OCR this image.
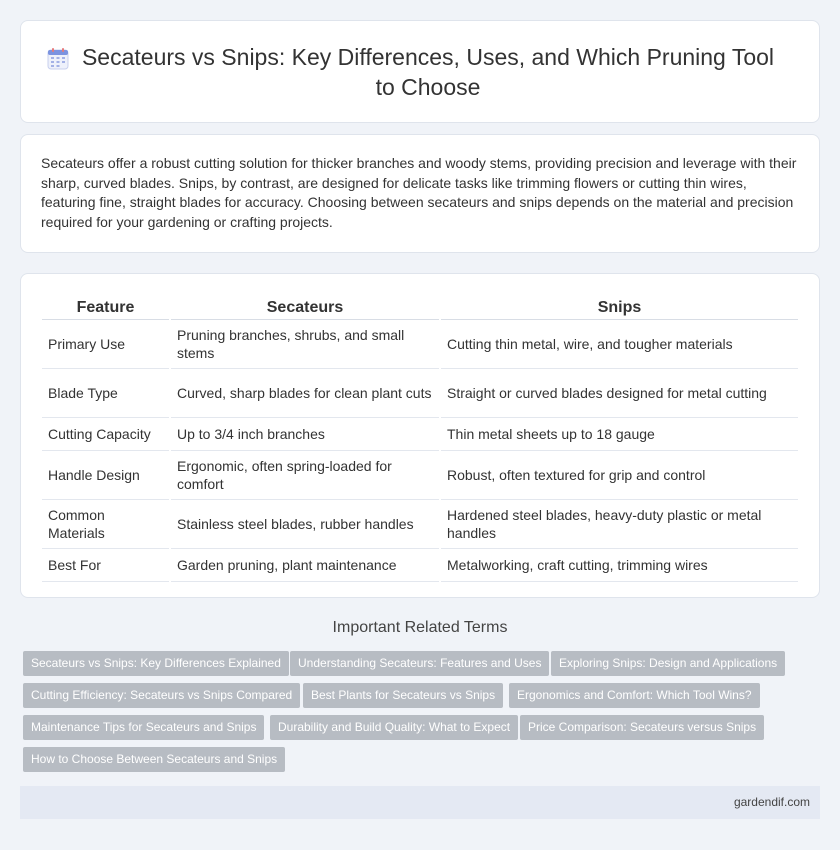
Secateurs vs Snips: Key Differences, Uses, and Which Pruning Tool to Choose

Secateurs offer a robust cutting solution for thicker branches and woody stems, providing precision and leverage with their sharp, curved blades. Snips, by contrast, are designed for delicate tasks like trimming flowers or cutting thin wires, featuring fine, straight blades for accuracy. Choosing between secateurs and snips depends on the material and precision required for your gardening or crafting projects.

Feature	Secateurs	Snips
Primary Use	Pruning branches, shrubs, and small stems	Cutting thin metal, wire, and tougher materials
Blade Type	Curved, sharp blades for clean plant cuts	Straight or curved blades designed for metal cutting
Cutting Capacity	Up to 3/4 inch branches	Thin metal sheets up to 18 gauge
Handle Design	Ergonomic, often spring-loaded for comfort	Robust, often textured for grip and control
Common Materials	Stainless steel blades, rubber handles	Hardened steel blades, heavy-duty plastic or metal handles
Best For	Garden pruning, plant maintenance	Metalworking, craft cutting, trimming wires
Important Related Terms
Secateurs vs Snips: Key Differences Explained	Understanding Secateurs: Features and Uses	Exploring Snips: Design and Applications
Cutting Efficiency: Secateurs vs Snips Compared	Best Plants for Secateurs vs Snips	Ergonomics and Comfort: Which Tool Wins?
Maintenance Tips for Secateurs and Snips	Durability and Build Quality: What to Expect	Price Comparison: Secateurs versus Snips
How to Choose Between Secateurs and Snips
gardendif.com
